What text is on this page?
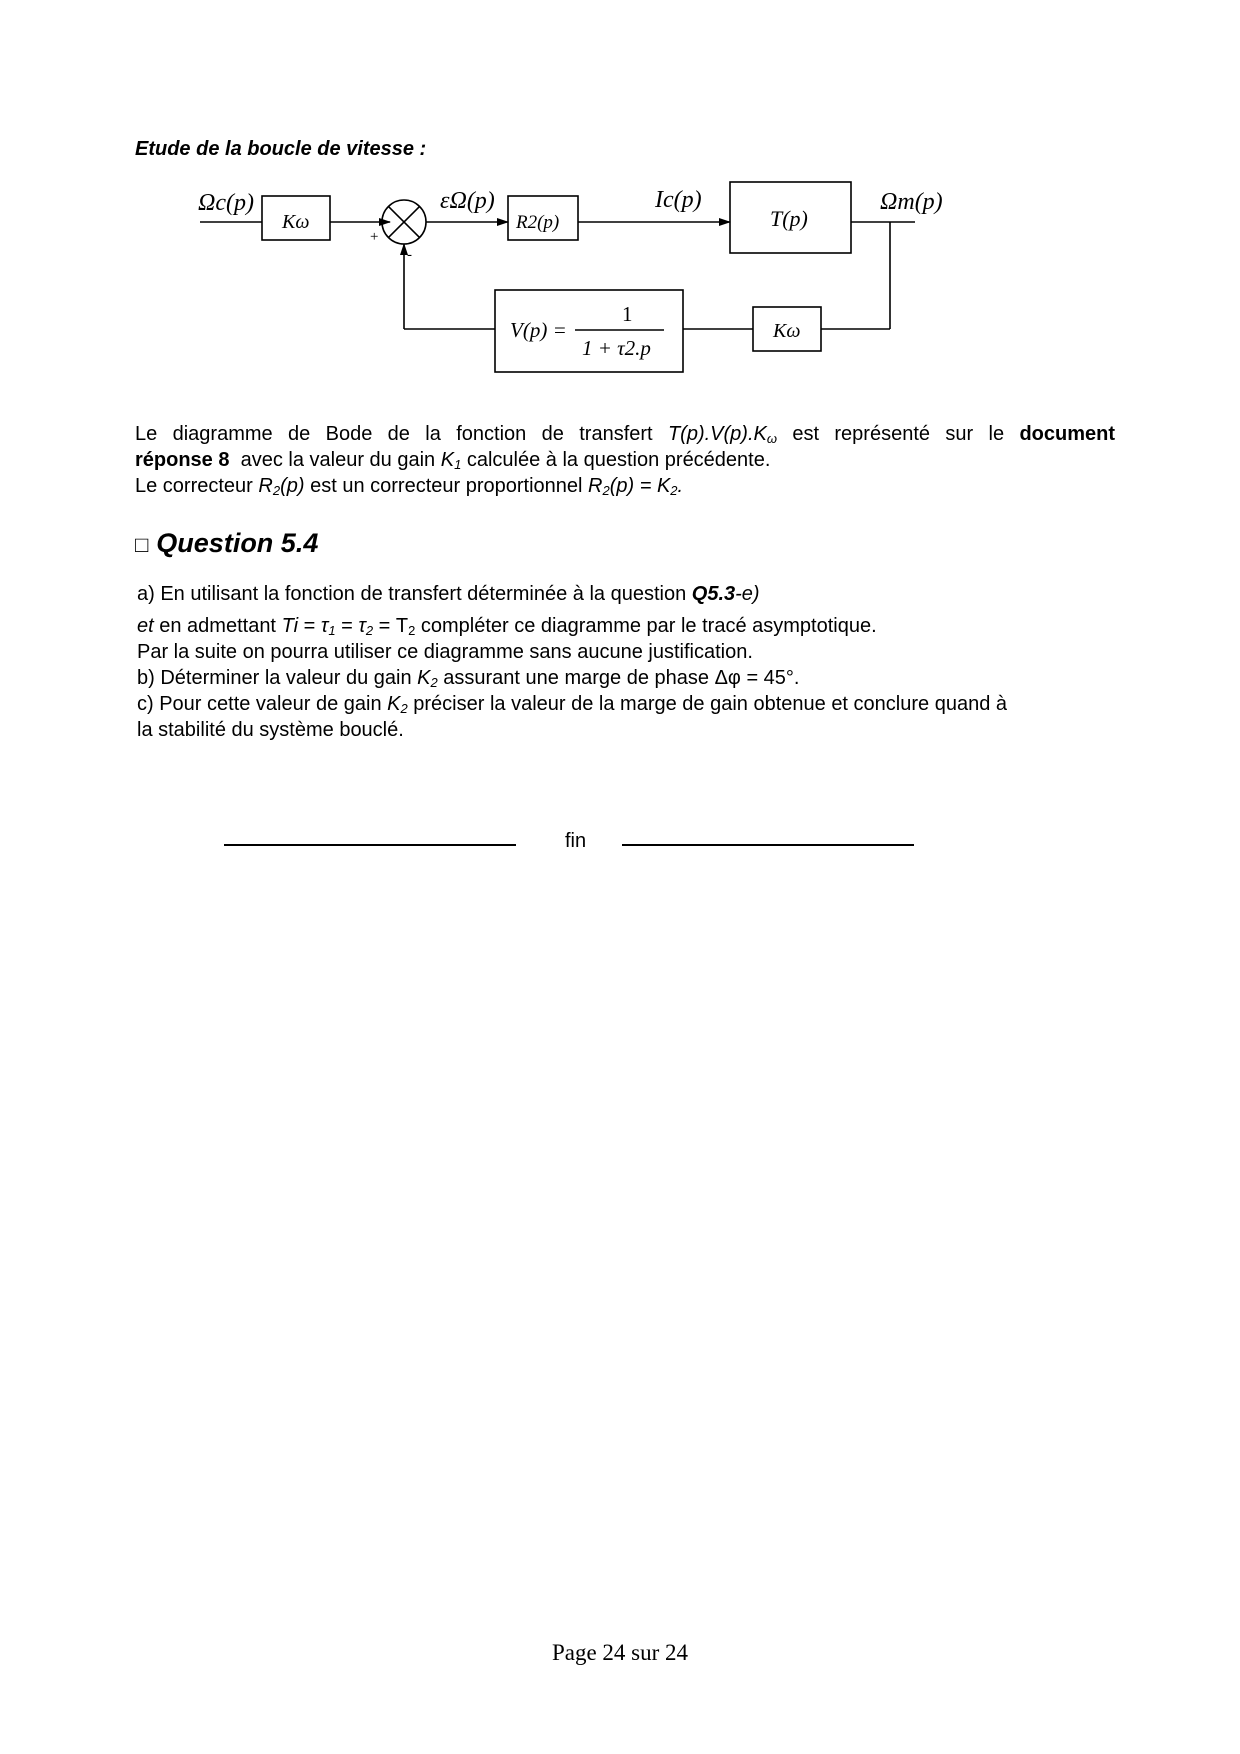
Etude de la boucle de vitesse :
Ωc(p)
Kω
+
-
εΩ(p)
R2(p)
Ic(p)
T(p)
Ωm(p)
V(p) =
1
1 + τ2.p
Kω
Le diagramme de Bode de la fonction de transfert $T(p).V(p).K_\omega$ est représenté sur le document
réponse 8  avec la valeur du gain $K_1$ calculée à la question précédente.
Le correcteur $R_2(p)$ est un correcteur proportionnel $R_2(p) = K_2$.
□ Question 5.4
a) En utilisant la fonction de transfert déterminée à la question Q5.3-e)
et en admettant $Ti = \tau_1 = \tau_2 = T_2$ compléter ce diagramme par le tracé asymptotique.
Par la suite on pourra utiliser ce diagramme sans aucune justification.
b) Déterminer la valeur du gain $K_2$ assurant une marge de phase Δφ = 45°.
c) Pour cette valeur de gain $K_2$ préciser la valeur de la marge de gain obtenue et conclure quand à
la stabilité du système bouclé.
fin
Page 24 sur 24
